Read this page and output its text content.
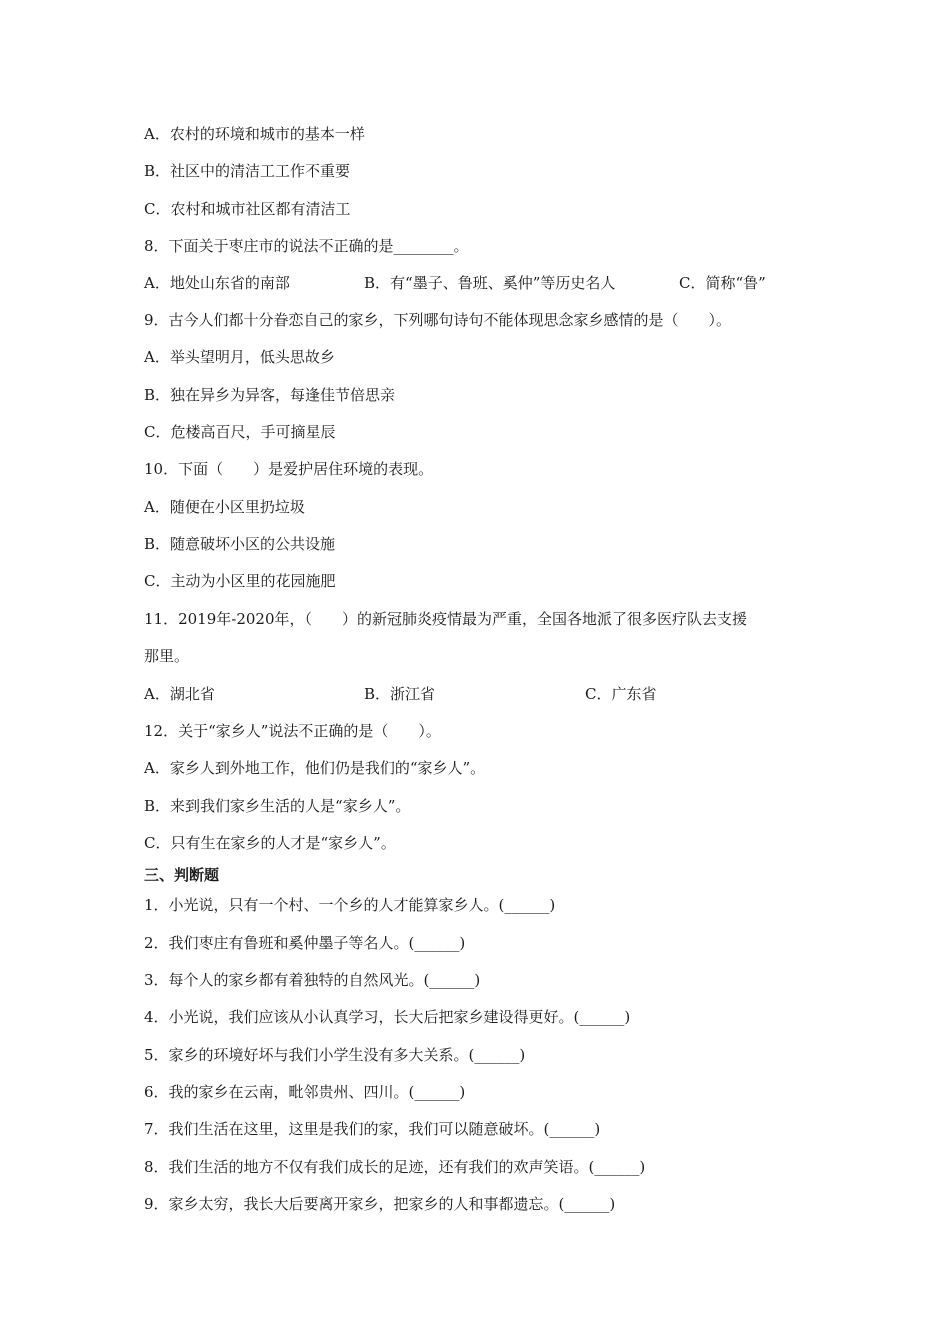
A．农村的环境和城市的基本一样
B．社区中的清洁工工作不重要
C．农村和城市社区都有清洁工
8．下面关于枣庄市的说法不正确的是________。
A．地处山东省的南部	B．有“墨子、鲁班、奚仲”等历史名人	C．简称“鲁”
9．古今人们都十分眷恋自己的家乡，下列哪句诗句不能体现思念家乡感情的是（　　）。
A．举头望明月，低头思故乡
B．独在异乡为异客，每逢佳节倍思亲
C．危楼高百尺，手可摘星辰
10．下面（　　）是爱护居住环境的表现。
A．随便在小区里扔垃圾
B．随意破坏小区的公共设施
C．主动为小区里的花园施肥
11．2019年-2020年，（　　）的新冠肺炎疫情最为严重，全国各地派了很多医疗队去支援
那里。
A．湖北省	B．浙江省	C．广东省
12．关于“家乡人”说法不正确的是（　　）。
A．家乡人到外地工作，他们仍是我们的“家乡人”。
B．来到我们家乡生活的人是“家乡人”。
C．只有生在家乡的人才是“家乡人”。
三、判断题
1．小光说，只有一个村、一个乡的人才能算家乡人。(______)
2．我们枣庄有鲁班和奚仲墨子等名人。(______)
3．每个人的家乡都有着独特的自然风光。(______)
4．小光说，我们应该从小认真学习，长大后把家乡建设得更好。(______)
5．家乡的环境好坏与我们小学生没有多大关系。(______)
6．我的家乡在云南，毗邻贵州、四川。(______)
7．我们生活在这里，这里是我们的家，我们可以随意破坏。(______)
8．我们生活的地方不仅有我们成长的足迹，还有我们的欢声笑语。(______)
9．家乡太穷，我长大后要离开家乡，把家乡的人和事都遗忘。(______)
